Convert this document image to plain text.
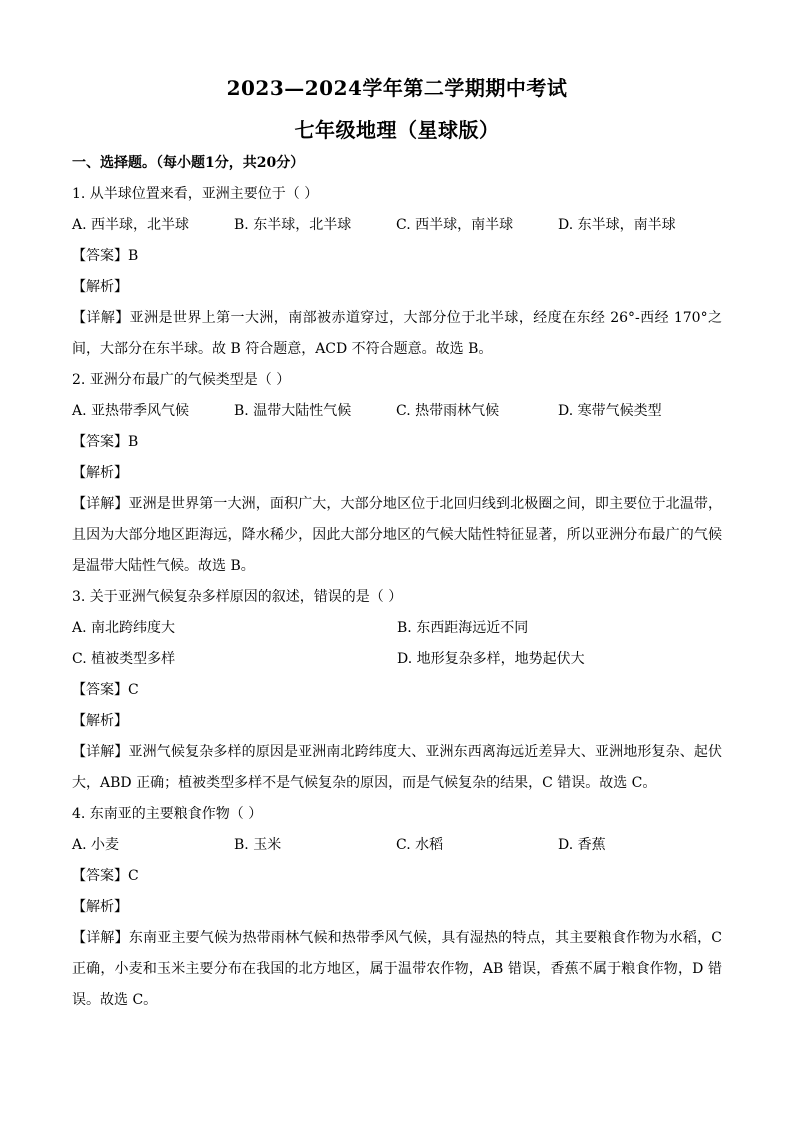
2023—2024学年第二学期期中考试
七年级地理（星球版）
一、选择题。（每小题1分，共20分）
1. 从半球位置来看，亚洲主要位于（ ）
A. 西半球，北半球	B. 东半球，北半球	C. 西半球，南半球	D. 东半球，南半球
【答案】B
【解析】
【详解】亚洲是世界上第一大洲，南部被赤道穿过，大部分位于北半球，经度在东经 26°-西经 170°之间，大部分在东半球。故 B 符合题意，ACD 不符合题意。故选 B。
2. 亚洲分布最广的气候类型是（ ）
A. 亚热带季风气候	B. 温带大陆性气候	C. 热带雨林气候	D. 寒带气候类型
【答案】B
【解析】
【详解】亚洲是世界第一大洲，面积广大，大部分地区位于北回归线到北极圈之间，即主要位于北温带，且因为大部分地区距海远，降水稀少，因此大部分地区的气候大陆性特征显著，所以亚洲分布最广的气候是温带大陆性气候。故选 B。
3. 关于亚洲气候复杂多样原因的叙述，错误的是（ ）
A. 南北跨纬度大	B. 东西距海远近不同
C. 植被类型多样	D. 地形复杂多样，地势起伏大
【答案】C
【解析】
【详解】亚洲气候复杂多样的原因是亚洲南北跨纬度大、亚洲东西离海远近差异大、亚洲地形复杂、起伏大，ABD 正确；植被类型多样不是气候复杂的原因，而是气候复杂的结果，C 错误。故选 C。
4. 东南亚的主要粮食作物（ ）
A. 小麦	B. 玉米	C. 水稻	D. 香蕉
【答案】C
【解析】
【详解】东南亚主要气候为热带雨林气候和热带季风气候，具有湿热的特点，其主要粮食作物为水稻，C 正确，小麦和玉米主要分布在我国的北方地区，属于温带农作物，AB 错误，香蕉不属于粮食作物，D 错误。故选 C。
